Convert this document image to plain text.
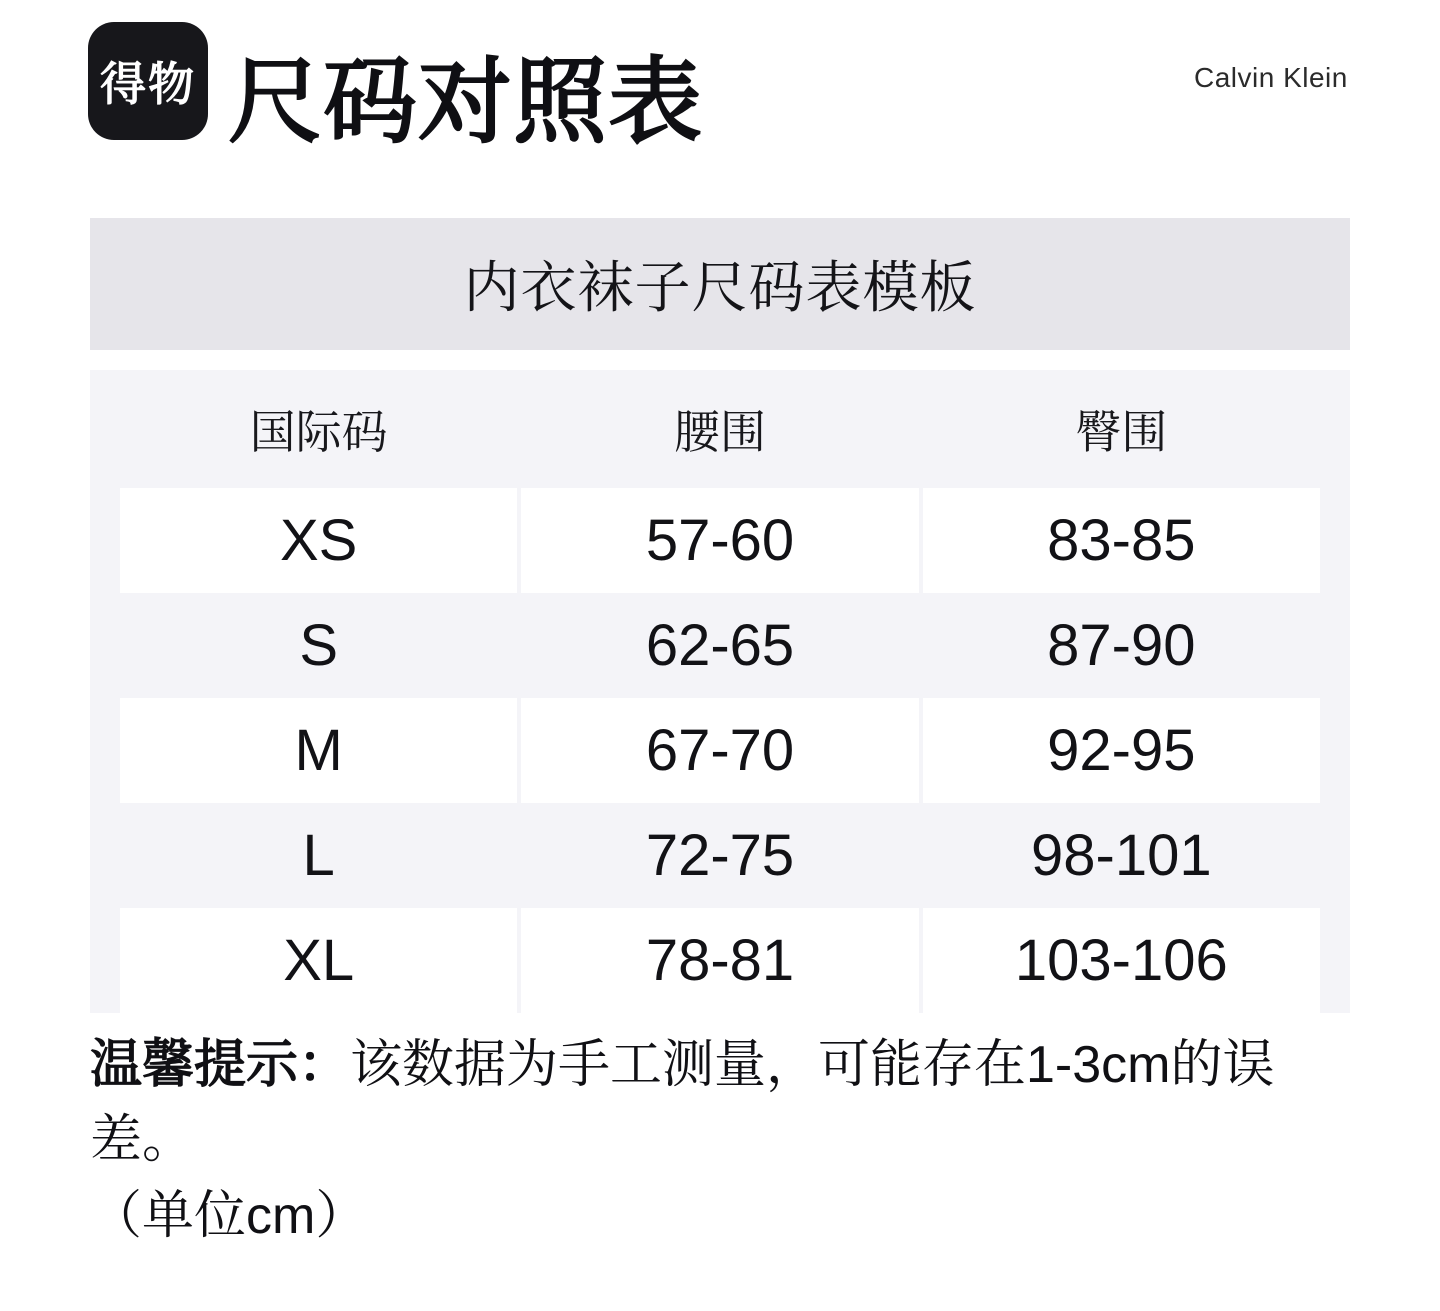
得物 尺码对照表	Calvin Klein
内衣袜子尺码表模板
国际码	腰围	臀围
XS	57-60	83-85
S	62-65	87-90
M	67-70	92-95
L	72-75	98-101
XL	78-81	103-106
温馨提示：该数据为手工测量，可能存在1-3cm的误差。
（单位cm）
